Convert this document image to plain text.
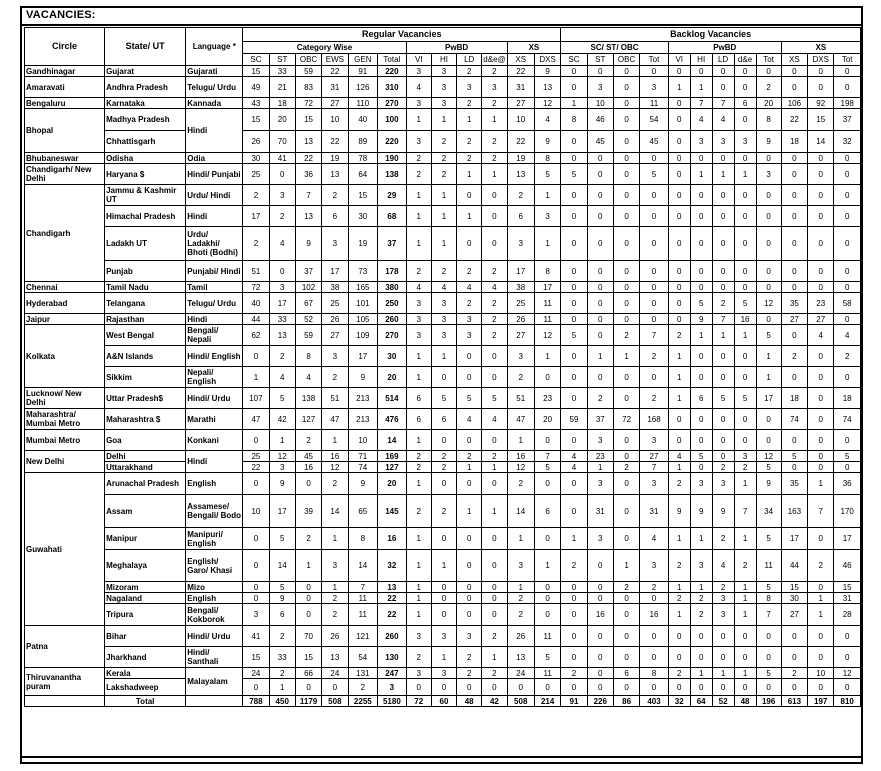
VACANCIES:
Circle	State/ UT	Language *	Regular Vacancies												Backlog Vacancies											
			Category Wise						PwBD				XS		SC/ ST/ OBC				PwBD					XS		
			SC	ST	OBC	EWS	GEN	Total	VI	HI	LD	d&e@	XS	DXS	SC	ST	OBC	Tot	VI	HI	LD	d&e	Tot	XS	DXS	Tot
Gandhinagar	Gujarat	Gujarati	15	33	59	22	91	220	3	3	2	2	22	9	0	0	0	0	0	0	0	0	0	0	0	0
Amaravati	Andhra Pradesh	Telugu/ Urdu	49	21	83	31	126	310	4	3	3	3	31	13	0	3	0	3	1	1	0	0	2	0	0	0
Bengaluru	Karnataka	Kannada	43	18	72	27	110	270	3	3	2	2	27	12	1	10	0	11	0	7	7	6	20	106	92	198
Bhopal	Madhya Pradesh	Hindi	15	20	15	10	40	100	1	1	1	1	10	4	8	46	0	54	0	4	4	0	8	22	15	37
	Chhattisgarh		26	70	13	22	89	220	3	2	2	2	22	9	0	45	0	45	0	3	3	3	9	18	14	32
Bhubaneswar	Odisha	Odia	30	41	22	19	78	190	2	2	2	2	19	8	0	0	0	0	0	0	0	0	0	0	0	0
Chandigarh/ New Delhi	Haryana $	Hindi/ Punjabi	25	0	36	13	64	138	2	2	1	1	13	5	5	0	0	5	0	1	1	1	3	0	0	0
Chandigarh	Jammu & Kashmir UT	Urdu/ Hindi	2	3	7	2	15	29	1	1	0	0	2	1	0	0	0	0	0	0	0	0	0	0	0	0
	Himachal Pradesh	Hindi	17	2	13	6	30	68	1	1	1	0	6	3	0	0	0	0	0	0	0	0	0	0	0	0
	Ladakh UT	Urdu/ Ladakhi/ Bhoti (Bodhi)	2	4	9	3	19	37	1	1	0	0	3	1	0	0	0	0	0	0	0	0	0	0	0	0
	Punjab	Punjabi/ Hindi	51	0	37	17	73	178	2	2	2	2	17	8	0	0	0	0	0	0	0	0	0	0	0	0
Chennai	Tamil Nadu	Tamil	72	3	102	38	165	380	4	4	4	4	38	17	0	0	0	0	0	0	0	0	0	0	0	0
Hyderabad	Telangana	Telugu/ Urdu	40	17	67	25	101	250	3	3	2	2	25	11	0	0	0	0	0	5	2	5	12	35	23	58
Jaipur	Rajasthan	Hindi	44	33	52	26	105	260	3	3	3	2	26	11	0	0	0	0	0	9	7	16	0	27	27	0
Kolkata	West Bengal	Bengali/ Nepali	62	13	59	27	109	270	3	3	3	2	27	12	5	0	2	7	2	1	1	1	5	0	4	4
	A&N Islands	Hindi/ English	0	2	8	3	17	30	1	1	0	0	3	1	0	1	1	2	1	0	0	0	1	2	0	2
	Sikkim	Nepali/ English	1	4	4	2	9	20	1	0	0	0	2	0	0	0	0	0	1	0	0	0	1	0	0	0
Lucknow/ New Delhi	Uttar Pradesh$	Hindi/ Urdu	107	5	138	51	213	514	6	5	5	5	51	23	0	2	0	2	1	6	5	5	17	18	0	18
Maharashtra/ Mumbai Metro	Maharashtra $	Marathi	47	42	127	47	213	476	6	6	4	4	47	20	59	37	72	168	0	0	0	0	0	74	0	74
Mumbai Metro	Goa	Konkani	0	1	2	1	10	14	1	0	0	0	1	0	0	3	0	3	0	0	0	0	0	0	0	0
New Delhi	Delhi	Hindi	25	12	45	16	71	169	2	2	2	2	16	7	4	23	0	27	4	5	0	3	12	5	0	5
	Uttarakhand		22	3	16	12	74	127	2	2	1	1	12	5	4	1	2	7	1	0	2	2	5	0	0	0
Guwahati	Arunachal Pradesh	English	0	9	0	2	9	20	1	0	0	0	2	0	0	3	0	3	2	3	3	1	9	35	1	36
	Assam	Assamese/ Bengali/ Bodo	10	17	39	14	65	145	2	2	1	1	14	6	0	31	0	31	9	9	9	7	34	163	7	170
	Manipur	Manipuri/ English	0	5	2	1	8	16	1	0	0	0	1	0	1	3	0	4	1	1	2	1	5	17	0	17
	Meghalaya	English/ Garo/ Khasi	0	14	1	3	14	32	1	1	0	0	3	1	2	0	1	3	2	3	4	2	11	44	2	46
	Mizoram	Mizo	0	5	0	1	7	13	1	0	0	0	1	0	0	0	2	2	1	1	2	1	5	15	0	15
	Nagaland	English	0	9	0	2	11	22	1	0	0	0	2	0	0	0	0	0	2	2	3	1	8	30	1	31
	Tripura	Bengali/ Kokborok	3	6	0	2	11	22	1	0	0	0	2	0	0	16	0	16	1	2	3	1	7	27	1	28
Patna	Bihar	Hindi/ Urdu	41	2	70	26	121	260	3	3	3	2	26	11	0	0	0	0	0	0	0	0	0	0	0	0
	Jharkhand	Hindi/ Santhali	15	33	15	13	54	130	2	1	2	1	13	5	0	0	0	0	0	0	0	0	0	0	0	0
Thiruvanantha puram	Kerala	Malayalam	24	2	66	24	131	247	3	3	2	2	24	11	2	0	6	8	2	1	1	1	5	2	10	12
	Lakshadweep		0	1	0	0	2	3	0	0	0	0	0	0	0	0	0	0	0	0	0	0	0	0	0	0
	Total		788	450	1179	508	2255	5180	72	60	48	42	508	214	91	226	86	403	32	64	52	48	196	613	197	810
